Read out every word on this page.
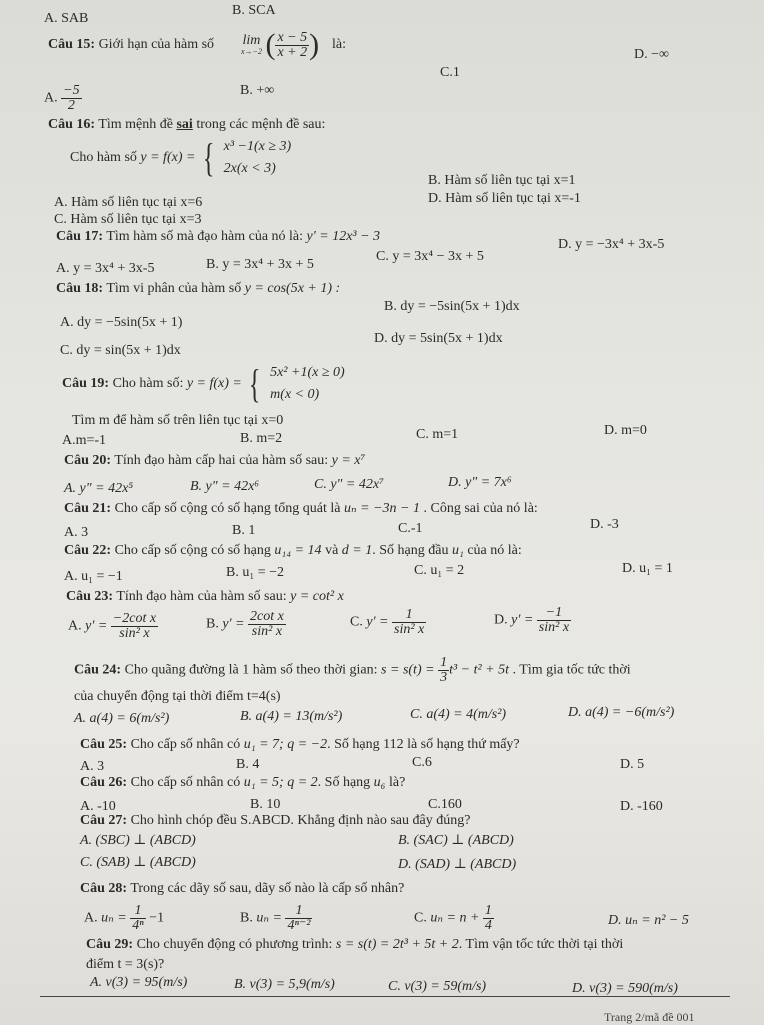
A. SAB
B. SCA
Câu 15: Giới hạn của hàm số lim
x→−2 ( $\frac{x - 5}{x + 2}$ ) là:
D. −∞
C.1
A. $\frac{-5}{2}$	B. +∞
Câu 16: Tìm mệnh đề sai trong các mệnh đề sau:
Cho hàm số y = f(x) = { x³ −1(x ≥ 3)
2x(x < 3)
B. Hàm số liên tục tại x=1
A. Hàm số liên tục tại x=6	D. Hàm số liên tục tại x=-1
C. Hàm số liên tục tại x=3
Câu 17: Tìm hàm số mà đạo hàm của nó là: y' = 12x³ − 3
A. y = 3x⁴ + 3x-5	B. y = 3x⁴ + 3x + 5
C. y = 3x⁴ − 3x + 5
D. y = −3x⁴ + 3x-5
Câu 18: Tìm vi phân của hàm số y = cos(5x + 1) :
A. dy = −5sin(5x + 1)
B. dy = −5sin(5x + 1)dx
C. dy = sin(5x + 1)dx
D. dy = 5sin(5x + 1)dx
Câu 19: Cho hàm số: y = f(x) = { 5x² +1(x ≥ 0)
m(x < 0)
Tìm m để hàm số trên liên tục tại x=0
A.m=-1	B. m=2	C. m=1	D. m=0
Câu 20: Tính đạo hàm cấp hai của hàm số sau: y = x⁷
A. y" = 42x⁵	B. y" = 42x⁶	C. y" = 42x⁷	D. y" = 7x⁶
Câu 21: Cho cấp số cộng có số hạng tổng quát là uₙ = −3n − 1 . Công sai của nó là:
A. 3	B. 1	C.-1	D. -3
Câu 22: Cho cấp số cộng có số hạng u₁₄ = 14 và d = 1. Số hạng đầu u₁ của nó là:
A. u₁ = −1	B. u₁ = −2	C. u₁ = 2	D. u₁ = 1
Câu 23: Tính đạo hàm của hàm số sau: y = cot² x
A. $y' = \frac{\text{−2cot x}}{\text{sin² x}}$	B. $y' = \frac{\text{2cot x}}{\text{sin² x}}$	C. $y' = \frac{1}{\text{sin² x}}$	D. $y' = \frac{-1}{\text{sin² x}}$
Câu 24: Cho quãng đường là 1 hàm số theo thời gian: $s = s(t) = \frac{1}{3} t^3 - t^2 + 5t$ . Tìm gia tốc tức thời
của chuyển động tại thời điểm t=4(s)
A. a(4) = 6(m/s²)	B. a(4) = 13(m/s²)	C. a(4) = 4(m/s²)	D. a(4) = −6(m/s²)
Câu 25: Cho cấp số nhân có u₁ = 7; q = −2. Số hạng 112 là số hạng thứ mấy?
A. 3	B. 4	C.6	D. 5
Câu 26: Cho cấp số nhân có u₁ = 5; q = 2. Số hạng u₆ là?
A. -10	B. 10	C.160	D. -160
Câu 27: Cho hình chóp đều S.ABCD. Khẳng định nào sau đây đúng?
A. (SBC) ⊥ (ABCD)	B. (SAC) ⊥ (ABCD)
C. (SAB) ⊥ (ABCD)	D. (SAD) ⊥ (ABCD)
Câu 28: Trong các dãy số sau, dãy số nào là cấp số nhân?
A. $u_n = \frac{1}{\text{4ⁿ}} -1$	B. $u_n = \frac{1}{\text{4ⁿ⁻²}}$	C. $u_n = n + \frac{1}{4}$	D. uₙ = n² − 5
Câu 29: Cho chuyển động có phương trình: s = s(t) = 2t³ + 5t + 2. Tìm vận tốc tức thời tại thời
điểm t = 3(s)?
A. v(3) = 95(m/s)	B. v(3) = 5,9(m/s)	C. v(3) = 59(m/s)	D. v(3) = 590(m/s)
Trang 2/mã đề 001
